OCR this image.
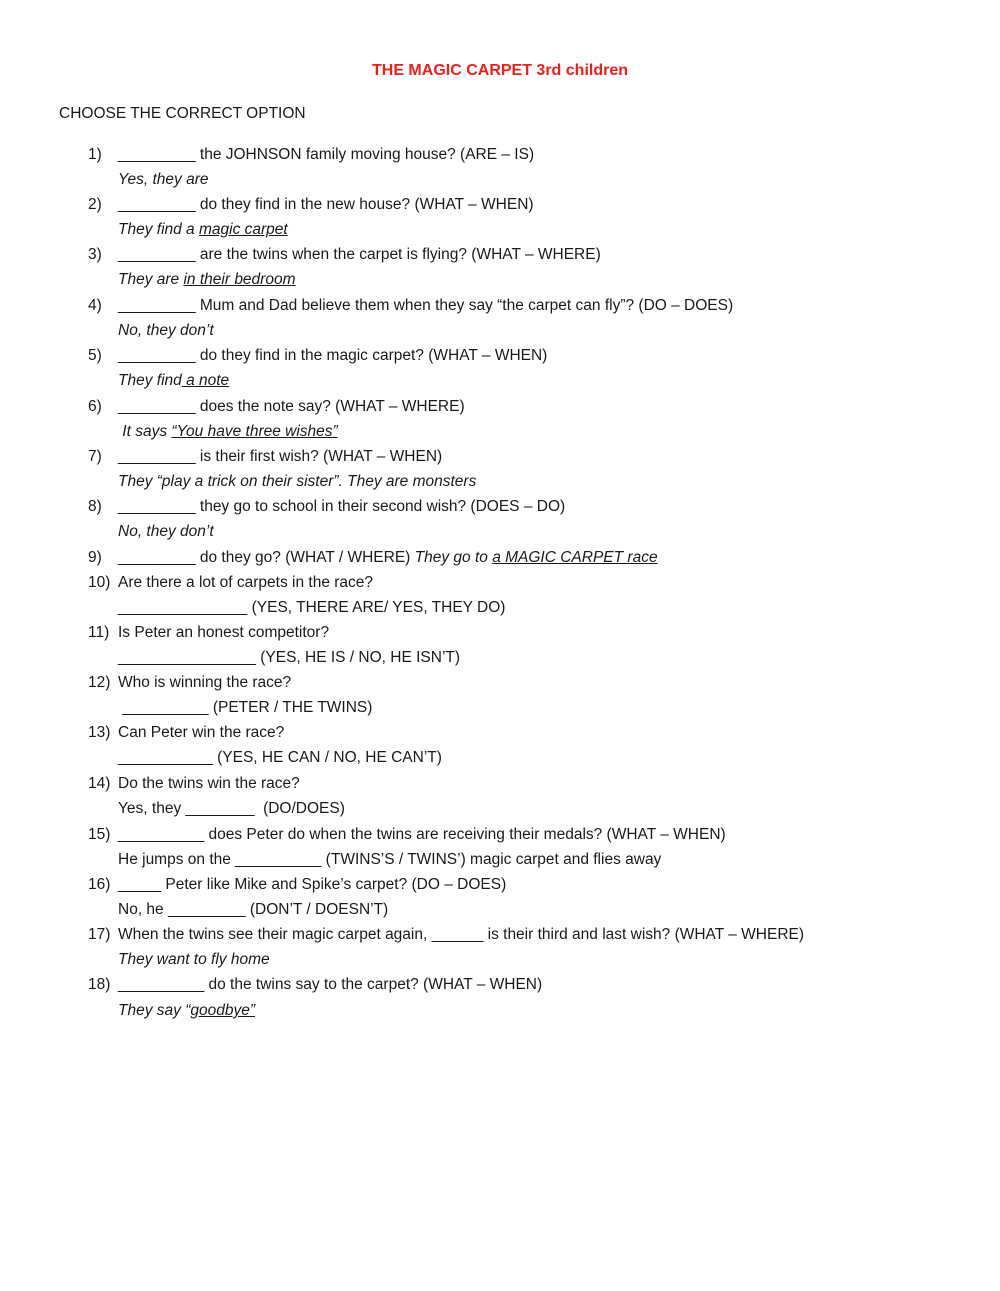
THE MAGIC CARPET 3rd children
CHOOSE THE CORRECT OPTION
1) _________ the JOHNSON family moving house? (ARE – IS)
Yes, they are
2) _________ do they find in the new house? (WHAT – WHEN)
They find a magic carpet
3) _________ are the twins when the carpet is flying? (WHAT – WHERE)
They are in their bedroom
4) _________ Mum and Dad believe them when they say “the carpet can fly”? (DO – DOES)
No, they don’t
5) _________ do they find in the magic carpet? (WHAT – WHEN)
They find a note
6) _________ does the note say? (WHAT – WHERE)
It says “You have three wishes”
7) _________ is their first wish? (WHAT – WHEN)
They “play a trick on their sister”. They are monsters
8) _________ they go to school in their second wish? (DOES – DO)
No, they don’t
9) _________ do they go? (WHAT / WHERE) They go to a MAGIC CARPET race
10) Are there a lot of carpets in the race?
_______________ (YES, THERE ARE/ YES, THEY DO)
11) Is Peter an honest competitor?
________________ (YES, HE IS / NO, HE ISN’T)
12) Who is winning the race?
__________ (PETER / THE TWINS)
13) Can Peter win the race?
___________ (YES, HE CAN / NO, HE CAN’T)
14) Do the twins win the race?
Yes, they ________  (DO/DOES)
15) __________ does Peter do when the twins are receiving their medals? (WHAT – WHEN)
He jumps on the __________ (TWINS’S / TWINS’) magic carpet and flies away
16) _____ Peter like Mike and Spike’s carpet? (DO – DOES)
No, he _________ (DON’T / DOESN’T)
17) When the twins see their magic carpet again, ______ is their third and last wish? (WHAT – WHERE)
They want to fly home
18) __________ do the twins say to the carpet? (WHAT – WHEN)
They say “goodbye”
